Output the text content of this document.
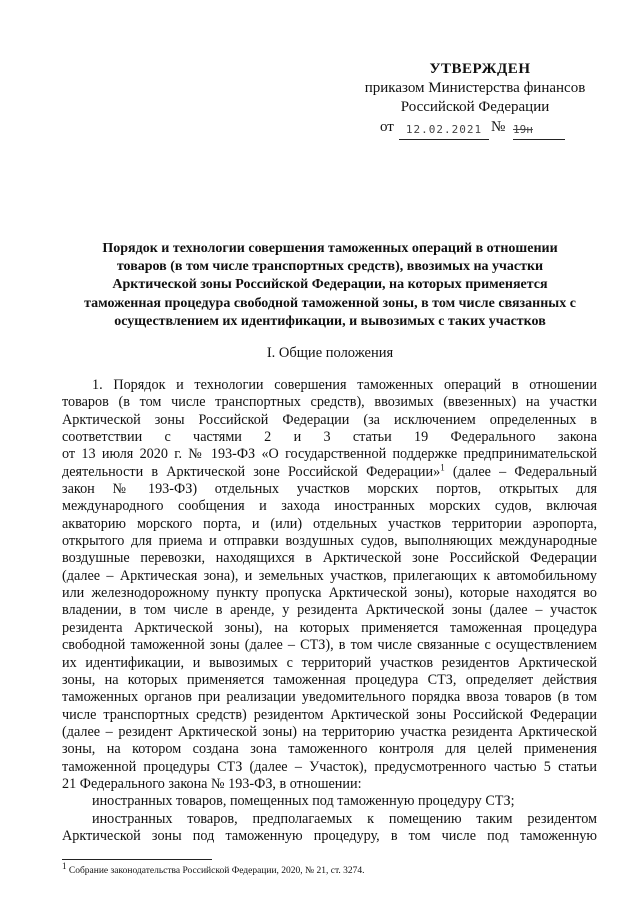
УТВЕРЖДЕН
приказом Министерства финансов
Российской Федерации
от	12.02.2021 № 19н
Порядок и технологии совершения таможенных операций в отношении
товаров (в том числе транспортных средств), ввозимых на участки
Арктической зоны Российской Федерации, на которых применяется
таможенная процедура свободной таможенной зоны, в том числе связанных с
осуществлением их идентификации, и вывозимых с таких участков
I. Общие положения
1. Порядок и технологии совершения таможенных операций в отношении
товаров (в том числе транспортных средств), ввозимых (ввезенных) на участки
Арктической зоны Российской Федерации (за исключением определенных в
соответствии с частями 2 и 3 статьи 19 Федерального закона
от 13 июля 2020 г. № 193-ФЗ «О государственной поддержке предпринимательской
деятельности в Арктической зоне Российской Федерации»$^1$ (далее – Федеральный
закон № 193-ФЗ) отдельных участков морских портов, открытых для
международного сообщения и захода иностранных морских судов, включая
акваторию морского порта, и (или) отдельных участков территории аэропорта,
открытого для приема и отправки воздушных судов, выполняющих международные
воздушные перевозки, находящихся в Арктической зоне Российской Федерации
(далее – Арктическая зона), и земельных участков, прилегающих к автомобильному
или железнодорожному пункту пропуска Арктической зоны), которые находятся во
владении, в том числе в аренде, у резидента Арктической зоны (далее – участок
резидента Арктической зоны), на которых применяется таможенная процедура
свободной таможенной зоны (далее – СТЗ), в том числе связанные с осуществлением
их идентификации, и вывозимых с территорий участков резидентов Арктической
зоны, на которых применяется таможенная процедура СТЗ, определяет действия
таможенных органов при реализации уведомительного порядка ввоза товаров (в том
числе транспортных средств) резидентом Арктической зоны Российской Федерации
(далее – резидент Арктической зоны) на территорию участка резидента Арктической
зоны, на котором создана зона таможенного контроля для целей применения
таможенной процедуры СТЗ (далее – Участок), предусмотренного частью 5 статьи
21 Федерального закона № 193-ФЗ, в отношении:
иностранных товаров, помещенных под таможенную процедуру СТЗ;
иностранных товаров, предполагаемых к помещению таким резидентом
Арктической зоны под таможенную процедуру, в том числе под таможенную
$^1$ Собрание законодательства Российской Федерации, 2020, № 21, ст. 3274.
